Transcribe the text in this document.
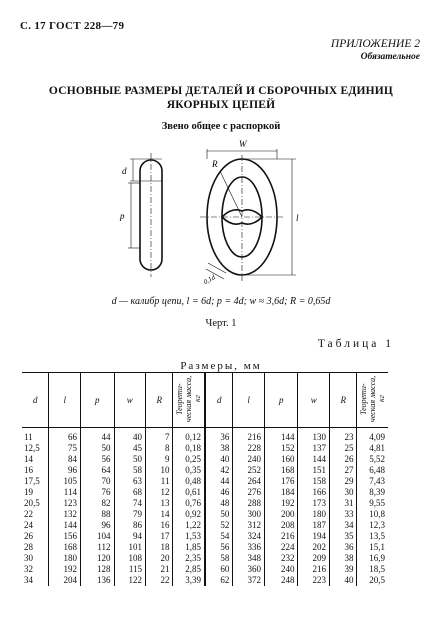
С. 17 ГОСТ 228—79
ПРИЛОЖЕНИЕ 2
Обязательное
ОСНОВНЫЕ РАЗМЕРЫ ДЕТАЛЕЙ И СБОРОЧНЫХ ЕДИНИЦ
ЯКОРНЫХ ЦЕПЕЙ
Звено общее с распоркой
d
p
W
R
l
0,1d
d — калибр цепи, l = 6d; p = 4d; w ≈ 3,6d; R = 0,65d
Черт. 1
Таблица 1
Размеры, мм
d	l	p	w	R	Теорети-ческая масса, кг	d	l	p	w	R	Теорети-ческая масса, кг
11	66	44	40	7	0,12	36	216	144	130	23	4,09
12,5	75	50	45	8	0,18	38	228	152	137	25	4,81
14	84	56	50	9	0,25	40	240	160	144	26	5,52
16	96	64	58	10	0,35	42	252	168	151	27	6,48
17,5	105	70	63	11	0,48	44	264	176	158	29	7,43
19	114	76	68	12	0,61	46	276	184	166	30	8,39
20,5	123	82	74	13	0,76	48	288	192	173	31	9,55
22	132	88	79	14	0,92	50	300	200	180	33	10,8
24	144	96	86	16	1,22	52	312	208	187	34	12,3
26	156	104	94	17	1,53	54	324	216	194	35	13,5
28	168	112	101	18	1,85	56	336	224	202	36	15,1
30	180	120	108	20	2,35	58	348	232	209	38	16,9
32	192	128	115	21	2,85	60	360	240	216	39	18,5
34	204	136	122	22	3,39	62	372	248	223	40	20,5
